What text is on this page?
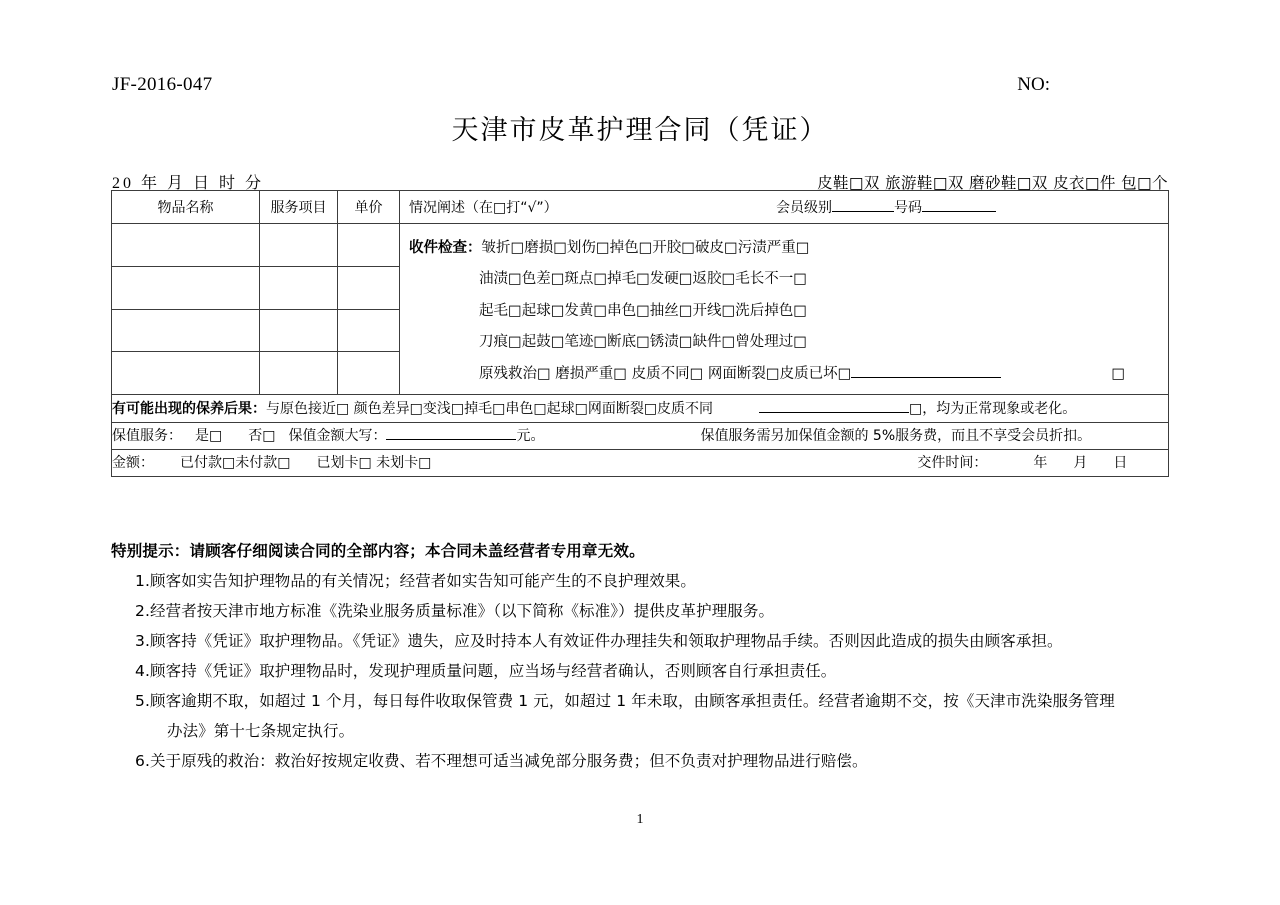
JF-2016-047	NO:
天津市皮革护理合同（凭证）
20 年 月 日 时 分	皮鞋□双 旅游鞋□双 磨砂鞋□双 皮衣□件 包□个
物品名称	服务项目	单价	情况阐述（在□打“√”） 会员级别 号码

			收件检查：皱折□磨损□划伤□掉色□开胶□破皮□污渍严重□
油渍□色差□斑点□掉毛□发硬□返胶□毛长不一□
起毛□起球□发黄□串色□抽丝□开线□洗后掉色□
刀痕□起鼓□笔迹□断底□锈渍□缺件□曾处理过□
原残救治□ 磨损严重□ 皮质不同□ 网面断裂□皮质已坏□ □

有可能出现的保养后果：与原色接近□ 颜色差异□变浅□掉毛□串色□起球□网面断裂□皮质不同 □，均为正常现象或老化。			
保值服务： 是□ 否□ 保值金额大写： 元。 保值服务需另加保值金额的 5%服务费，而且不享受会员折扣。			
金额： 已付款□未付款□ 已划卡□ 未划卡□ 交件时间： 年 月 日			
特别提示：请顾客仔细阅读合同的全部内容；本合同未盖经营者专用章无效。
1.顾客如实告知护理物品的有关情况；经营者如实告知可能产生的不良护理效果。
2.经营者按天津市地方标准《洗染业服务质量标准》（以下简称《标准》）提供皮革护理服务。
3.顾客持《凭证》取护理物品。《凭证》遗失，应及时持本人有效证件办理挂失和领取护理物品手续。否则因此造成的损失由顾客承担。
4.顾客持《凭证》取护理物品时，发现护理质量问题，应当场与经营者确认，否则顾客自行承担责任。
5.顾客逾期不取，如超过 1 个月，每日每件收取保管费 1 元，如超过 1 年未取，由顾客承担责任。经营者逾期不交，按《天津市洗染服务管理
办法》第十七条规定执行。
6.关于原残的救治：救治好按规定收费、若不理想可适当减免部分服务费；但不负责对护理物品进行赔偿。
1
